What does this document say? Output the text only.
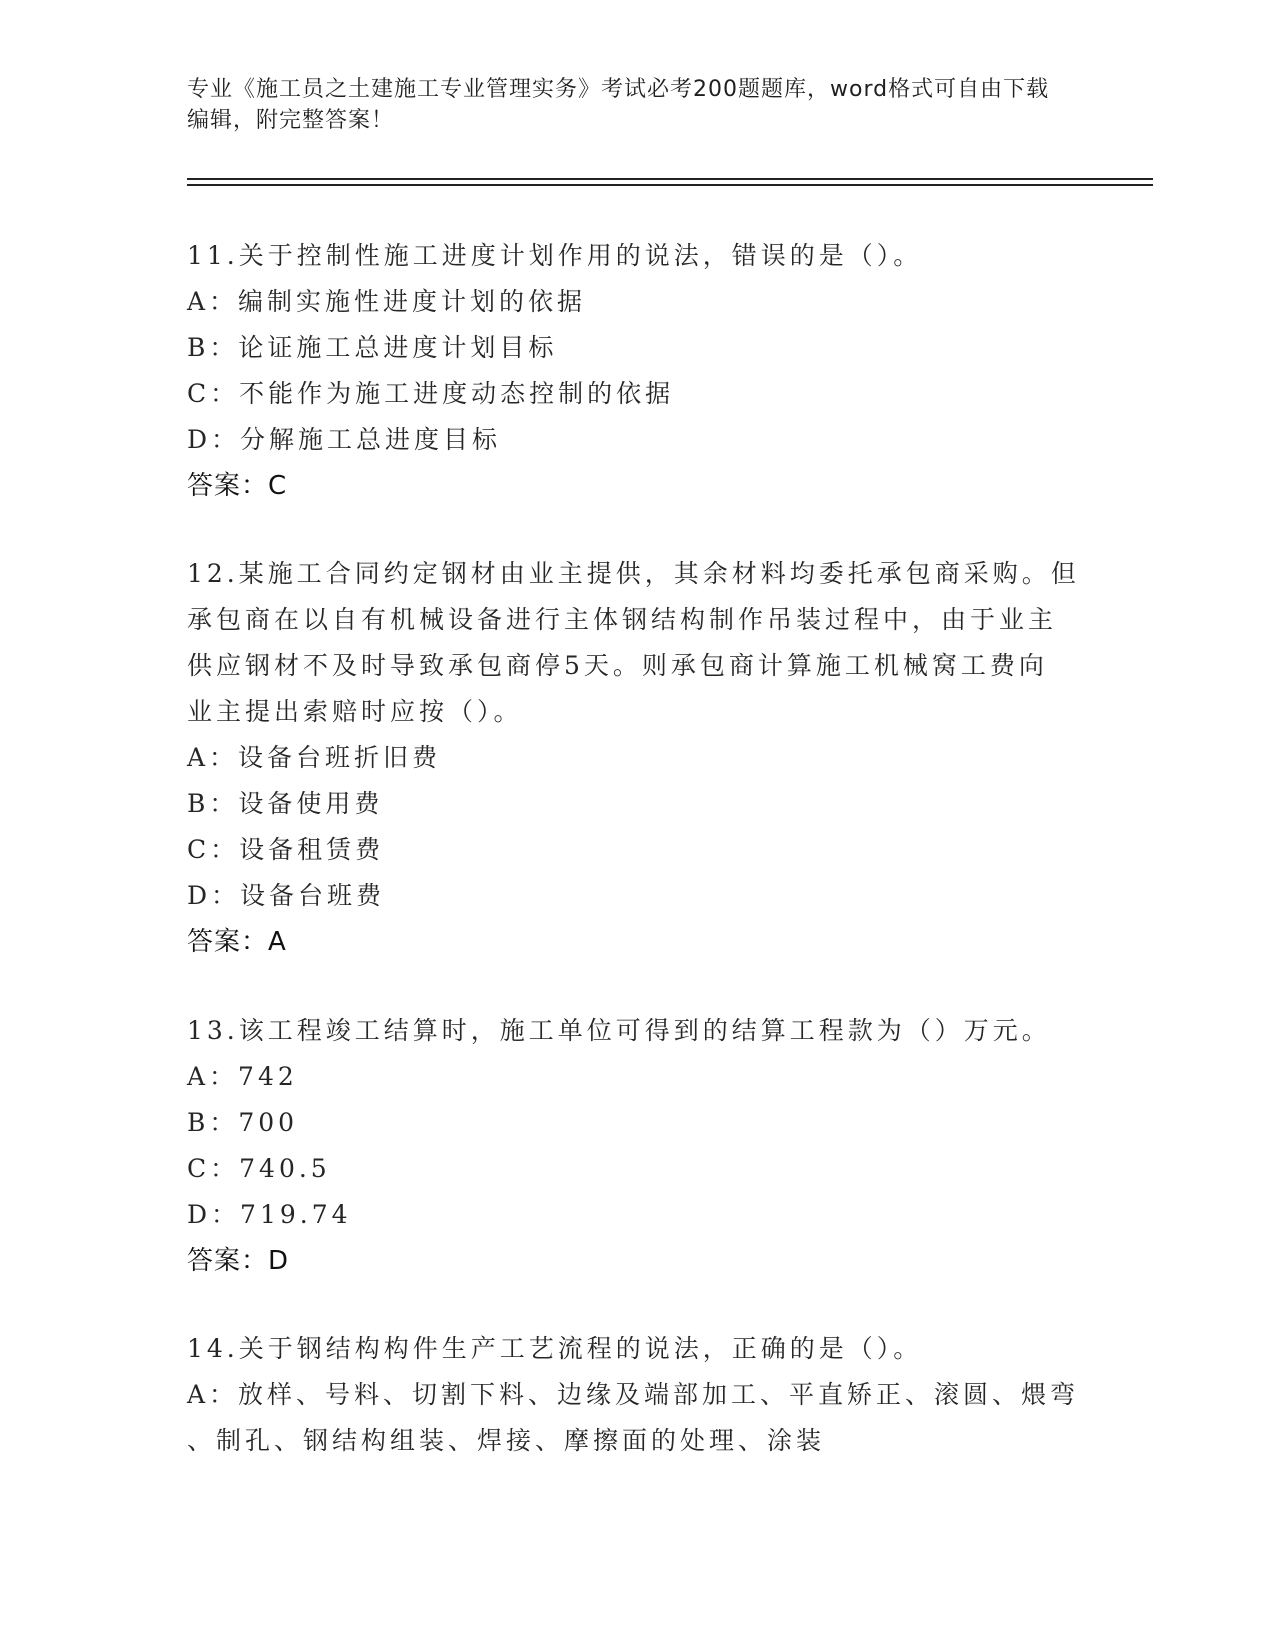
专业《施工员之土建施工专业管理实务》考试必考200题题库，word格式可自由下载编辑，附完整答案！
11.关于控制性施工进度计划作用的说法，错误的是（）。
A：编制实施性进度计划的依据
B：论证施工总进度计划目标
C：不能作为施工进度动态控制的依据
D：分解施工总进度目标
答案：C
12.某施工合同约定钢材由业主提供，其余材料均委托承包商采购。但
承包商在以自有机械设备进行主体钢结构制作吊装过程中，由于业主
供应钢材不及时导致承包商停5天。则承包商计算施工机械窝工费向
业主提出索赔时应按（）。
A：设备台班折旧费
B：设备使用费
C：设备租赁费
D：设备台班费
答案：A
13.该工程竣工结算时，施工单位可得到的结算工程款为（）万元。
A：742
B：700
C：740.5
D：719.74
答案：D
14.关于钢结构构件生产工艺流程的说法，正确的是（）。
A：放样、号料、切割下料、边缘及端部加工、平直矫正、滚圆、煨弯
、制孔、钢结构组装、焊接、摩擦面的处理、涂装
